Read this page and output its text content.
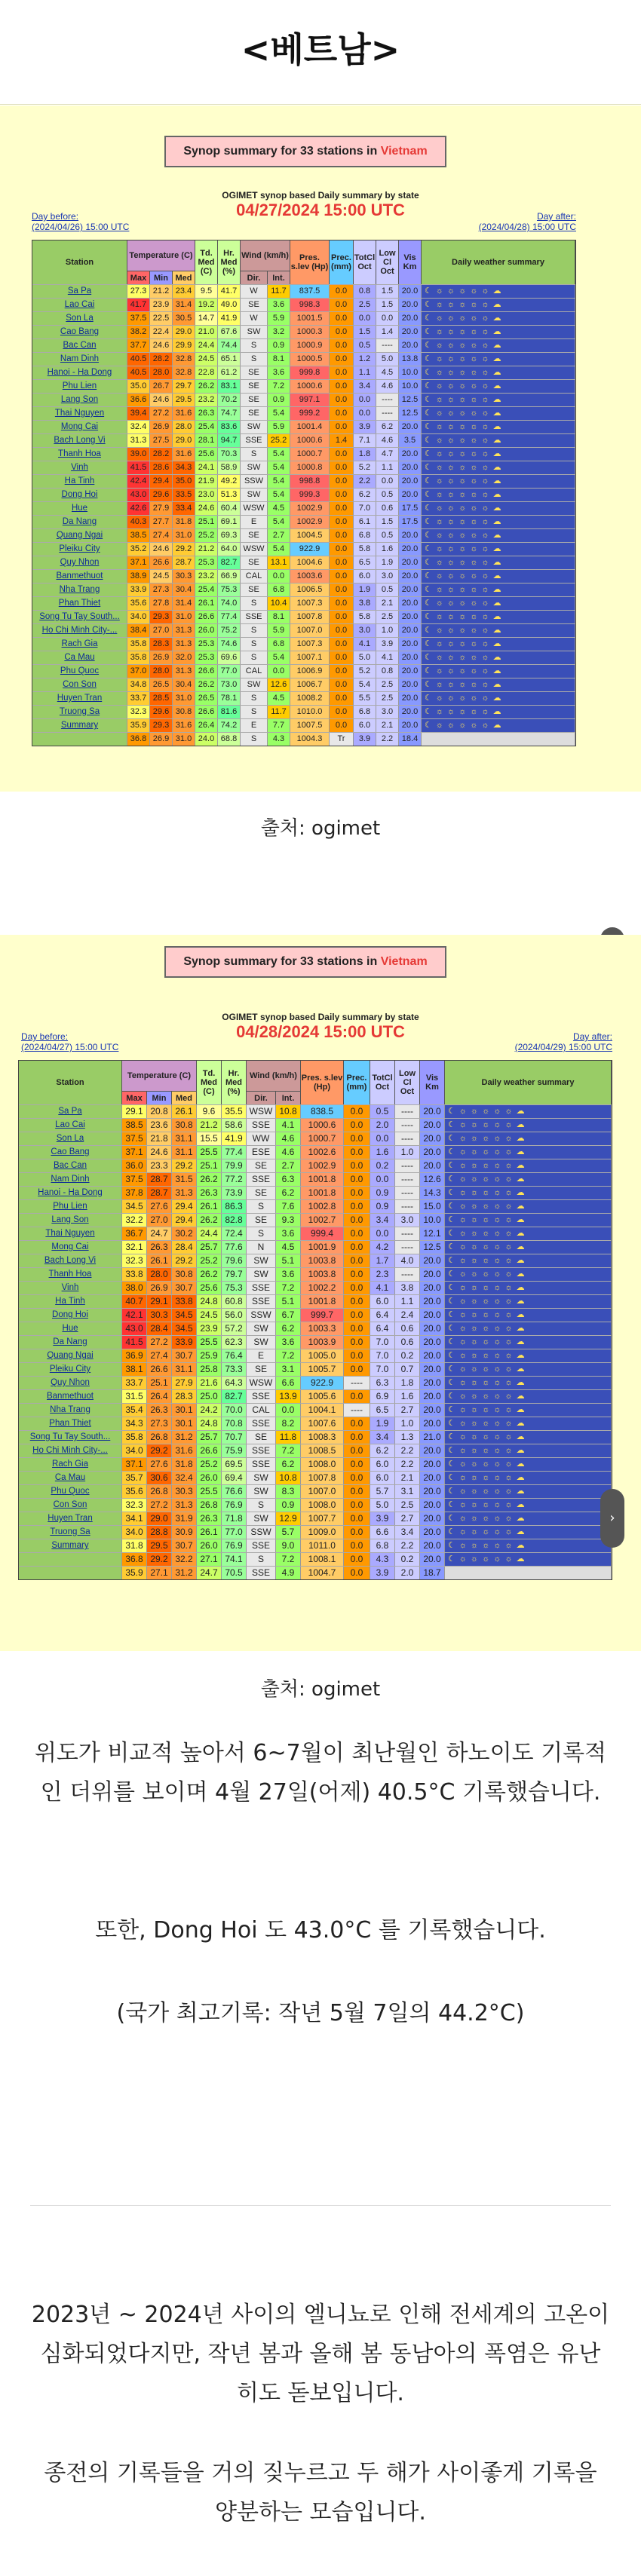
<베트남>
Synop summary for 33 stations in Vietnam
OGIMET synop based Daily summary by state
04/27/2024 15:00 UTC
Day before:
(2024/04/26) 15:00 UTC
Day after:
(2024/04/28) 15:00 UTC
Station
Temperature (C)
Max Min Med
Td. Med (C)
Hr. Med (%)
Wind (km/h)
Dir.	Int.
Pres. s.lev (Hp)
Prec. (mm)
TotCl Oct
Low Cl Oct
Vis Km	Daily weather summary
Sa Pa	27.3 21.2 23.4	9.5	41.7	W	11.7	837.5	0.0	0.8	1.5	20.0 ☾ ☼ ☼ ☼ ☼ ☼ ☁
Lao Cai	41.7 23.9 31.4 19.2 49.0	SE	3.6	998.3	0.0	2.5	1.5	20.0 ☾ ☼ ☼ ☼ ☼ ☼ ☁
Son La	37.5 22.5 30.5 14.7 41.9	W	5.9	1001.5	0.0	0.0	0.0	20.0 ☾ ☼ ☼ ☼ ☼ ☼ ☁
Cao Bang	38.2 22.4 29.0 21.0 67.6	SW	3.2	1000.3	0.0	1.5	1.4	20.0 ☾ ☼ ☼ ☼ ☼ ☼ ☁
Bac Can	37.7 24.6 29.9 24.4 74.4	S	0.9	1000.9	0.0	0.5	----	20.0 ☾ ☼ ☼ ☼ ☼ ☼ ☁
Nam Dinh	40.5 28.2 32.8 24.5 65.1	S	8.1	1000.5	0.0	1.2	5.0	13.8 ☾ ☼ ☼ ☼ ☼ ☼ ☁
Hanoi - Ha Dong	40.5 28.0 32.8 22.8 61.2	SE	3.6	999.8	0.0	1.1	4.5	10.0 ☾ ☼ ☼ ☼ ☼ ☼ ☁
Phu Lien	35.0 26.7 29.7 26.2 83.1	SE	7.2	1000.6	0.0	3.4	4.6	10.0 ☾ ☼ ☼ ☼ ☼ ☼ ☁
Lang Son	36.6 24.6 29.5 23.2 70.2	SE	0.9	997.1	0.0	0.0	----	12.5 ☾ ☼ ☼ ☼ ☼ ☼ ☁
Thai Nguyen	39.4 27.2 31.6 26.3 74.7	SE	5.4	999.2	0.0	0.0	----	12.5 ☾ ☼ ☼ ☼ ☼ ☼ ☁
Mong Cai	32.4 26.9 28.0 25.4 83.6	SW	5.9	1001.4	0.0	3.9	6.2	20.0 ☾ ☼ ☼ ☼ ☼ ☼ ☁
Bach Long Vi	31.3 27.5 29.0 28.1 94.7	SSE	25.2	1000.6	1.4	7.1	4.6	3.5	☾ ☼ ☼ ☼ ☼ ☼ ☁
Thanh Hoa	39.0 28.2 31.6 25.6 70.3	S	5.4	1000.7	0.0	1.8	4.7	20.0 ☾ ☼ ☼ ☼ ☼ ☼ ☁
Vinh	41.5 28.6 34.3 24.1 58.9	SW	5.4	1000.8	0.0	5.2	1.1	20.0 ☾ ☼ ☼ ☼ ☼ ☼ ☁
Ha Tinh	42.4 29.4 35.0 21.9 49.2 SSW	5.4	998.8	0.0	2.2	0.0	20.0 ☾ ☼ ☼ ☼ ☼ ☼ ☁
Dong Hoi	43.0 29.6 33.5 23.0 51.3	SW	5.4	999.3	0.0	6.2	0.5	20.0 ☾ ☼ ☼ ☼ ☼ ☼ ☁
Hue	42.6 27.9 33.4 24.6 60.4 WSW	4.5	1002.9	0.0	7.0	0.6	17.5 ☾ ☼ ☼ ☼ ☼ ☼ ☁
Da Nang	40.3 27.7 31.8 25.1 69.1	E	5.4	1002.9	0.0	6.1	1.5	17.5 ☾ ☼ ☼ ☼ ☼ ☼ ☁
Quang Ngai	38.5 27.4 31.0 25.2 69.3	SE	2.7	1004.5	0.0	6.8	0.5	20.0 ☾ ☼ ☼ ☼ ☼ ☼ ☁
Pleiku City	35.2 24.6 29.2 21.2 64.0 WSW	5.4	922.9	0.0	5.8	1.6	20.0 ☾ ☼ ☼ ☼ ☼ ☼ ☁
Quy Nhon	37.1 26.6 28.7 25.3 82.7	SE	13.1	1004.6	0.0	6.5	1.9	20.0 ☾ ☼ ☼ ☼ ☼ ☼ ☁
Banmethuot	38.9 24.5 30.3 23.2 66.9	CAL	0.0	1003.6	0.0	6.0	3.0	20.0 ☾ ☼ ☼ ☼ ☼ ☼ ☁
Nha Trang	33.9 27.3 30.4 25.4 75.3	SE	6.8	1006.5	0.0	1.9	0.5	20.0 ☾ ☼ ☼ ☼ ☼ ☼ ☁
Phan Thiet	35.6 27.8 31.4 26.1 74.0	S	10.4	1007.3	0.0	3.8	2.1	20.0 ☾ ☼ ☼ ☼ ☼ ☼ ☁
Song Tu Tay South...	34.0 29.3 31.0 26.6 77.4	SSE	8.1	1007.8	0.0	5.8	2.5	20.0 ☾ ☼ ☼ ☼ ☼ ☼ ☁
Ho Chi Minh City-...	38.4 27.0 31.3 26.0 75.2	S	5.9	1007.0	0.0	3.0	1.0	20.0 ☾ ☼ ☼ ☼ ☼ ☼ ☁
Rach Gia	35.8 28.3 31.3 25.3 74.6	S	6.8	1007.3	0.0	4.1	3.9	20.0 ☾ ☼ ☼ ☼ ☼ ☼ ☁
Ca Mau	35.8 26.9 32.0 25.3 69.6	S	5.4	1007.1	0.0	5.0	4.1	20.0 ☾ ☼ ☼ ☼ ☼ ☼ ☁
Phu Quoc	37.0 28.0 31.3 26.6 77.0	CAL	0.0	1006.9	0.0	5.2	0.8	20.0 ☾ ☼ ☼ ☼ ☼ ☼ ☁
Con Son	34.8 26.5 30.4 26.2 73.0	SW	12.6	1006.7	0.0	5.4	2.5	20.0 ☾ ☼ ☼ ☼ ☼ ☼ ☁
Huyen Tran	33.7 28.5 31.0 26.5 78.1	S	4.5	1008.2	0.0	5.5	2.5	20.0 ☾ ☼ ☼ ☼ ☼ ☼ ☁
Truong Sa	32.3 29.6 30.8 26.6 81.6	S	11.7	1010.0	0.0	6.8	3.0	20.0 ☾ ☼ ☼ ☼ ☼ ☼ ☁
Summary	35.9 29.3 31.6 26.4 74.2	E	7.7	1007.5	0.0	6.0	2.1	20.0 ☾ ☼ ☼ ☼ ☼ ☼ ☁
36.8 26.9 31.0 24.0 68.8	S	4.3	1004.3	Tr	3.9	2.2	18.4
출처: ogimet
Synop summary for 33 stations in Vietnam
OGIMET synop based Daily summary by state
04/28/2024 15:00 UTC
Day before:
(2024/04/27) 15:00 UTC
Day after:
(2024/04/29) 15:00 UTC
Station
Temperature (C)
Max	Min	Med
Td. Med (C)
Hr. Med (%)
Wind (km/h)
Dir.	Int.
Pres. s.lev (Hp)
Prec. (mm)
TotCl Oct
Low Cl Oct
Vis Km	Daily weather summary
Sa Pa	29.1 20.8 26.1	9.6	35.5 WSW 10.8	838.5	0.0	0.5	----	20.0 ☾ ☼ ☼ ☼ ☼ ☼ ☁
Lao Cai	38.5 23.6 30.8 21.2 58.6	SSE	4.1	1000.6	0.0	2.0	----	20.0 ☾ ☼ ☼ ☼ ☼ ☼ ☁
Son La	37.5 21.8 31.1 15.5 41.9	WW	4.6	1000.7	0.0	0.0	----	20.0 ☾ ☼ ☼ ☼ ☼ ☼ ☁
Cao Bang	37.1 24.6 31.1 25.5 77.4	ESE	4.6	1002.6	0.0	1.6	1.0	20.0 ☾ ☼ ☼ ☼ ☼ ☼ ☁
Bac Can	36.0 23.3 29.2 25.1 79.9	SE	2.7	1002.9	0.0	0.2	----	20.0 ☾ ☼ ☼ ☼ ☼ ☼ ☁
Nam Dinh	37.5 28.7 31.5 26.2 77.2	SSE	6.3	1001.8	0.0	0.0	----	12.6 ☾ ☼ ☼ ☼ ☼ ☼ ☁
Hanoi - Ha Dong	37.8 28.7 31.3 26.3 73.9	SE	6.2	1001.8	0.0	0.9	----	14.3 ☾ ☼ ☼ ☼ ☼ ☼ ☁
Phu Lien	34.5 27.6 29.4 26.1 86.3	S	7.6	1002.8	0.0	0.9	----	15.0 ☾ ☼ ☼ ☼ ☼ ☼ ☁
Lang Son	32.2 27.0 29.4 26.2 82.8	SE	9.3	1002.7	0.0	3.4	3.0	10.0 ☾ ☼ ☼ ☼ ☼ ☼ ☁
Thai Nguyen	36.7 24.7 30.2 24.4 72.4	S	3.6	999.4	0.0	0.0	----	12.1 ☾ ☼ ☼ ☼ ☼ ☼ ☁
Mong Cai	32.1 26.3 28.4 25.7 77.6	N	4.5	1001.9	0.0	4.2	----	12.5 ☾ ☼ ☼ ☼ ☼ ☼ ☁
Bach Long Vi	32.3 26.1 29.2 25.2 79.6	SW	5.1	1003.8	0.0	1.7	4.0	20.0 ☾ ☼ ☼ ☼ ☼ ☼ ☁
Thanh Hoa	33.8 28.0 30.8 26.2 79.7	SW	3.6	1003.8	0.0	2.3	----	20.0 ☾ ☼ ☼ ☼ ☼ ☼ ☁
Vinh	38.0 26.9 30.7 25.6 75.3	SSE	7.2	1002.2	0.0	4.1	3.8	20.0 ☾ ☼ ☼ ☼ ☼ ☼ ☁
Ha Tinh	40.7 29.1 33.8 24.8 60.8	SSE	5.1	1001.8	0.0	6.0	1.1	20.0 ☾ ☼ ☼ ☼ ☼ ☼ ☁
Dong Hoi	42.1 30.3 34.5 24.5 56.0 SSW	6.7	999.7	0.0	6.4	2.4	20.0 ☾ ☼ ☼ ☼ ☼ ☼ ☁
Hue	43.0 28.4 34.5 23.9 57.2	SW	6.2	1003.3	0.0	6.4	0.6	20.0 ☾ ☼ ☼ ☼ ☼ ☼ ☁
Da Nang	41.5 27.2 33.9 25.5 62.3	SW	3.6	1003.9	0.0	7.0	0.6	20.0 ☾ ☼ ☼ ☼ ☼ ☼ ☁
Quang Ngai	36.9 27.4 30.7 25.9 76.4	E	7.2	1005.0	0.0	7.0	0.2	20.0 ☾ ☼ ☼ ☼ ☼ ☼ ☁
Pleiku City	38.1 26.6 31.1 25.8 73.3	SE	3.1	1005.7	0.0	7.0	0.7	20.0 ☾ ☼ ☼ ☼ ☼ ☼ ☁
Quy Nhon	33.7 25.1 27.9 21.6 64.3 WSW	6.6	922.9	----	6.3	1.8	20.0 ☾ ☼ ☼ ☼ ☼ ☼ ☁
Banmethuot	31.5 26.4 28.3 25.0 82.7	SSE	13.9	1005.6	0.0	6.9	1.6	20.0 ☾ ☼ ☼ ☼ ☼ ☼ ☁
Nha Trang	35.4 26.3 30.1 24.2 70.0	CAL	0.0	1004.1	----	6.5	2.7	20.0 ☾ ☼ ☼ ☼ ☼ ☼ ☁
Phan Thiet	34.3 27.3 30.1 24.8 70.8	SSE	8.2	1007.6	0.0	1.9	1.0	20.0 ☾ ☼ ☼ ☼ ☼ ☼ ☁
Song Tu Tay South...	35.8 26.8 31.2 25.7 70.7	SE	11.8	1008.3	0.0	3.4	1.3	21.0 ☾ ☼ ☼ ☼ ☼ ☼ ☁
Ho Chi Minh City-...	34.0 29.2 31.6 26.6 75.9	SSE	7.2	1008.5	0.0	6.2	2.2	20.0 ☾ ☼ ☼ ☼ ☼ ☼ ☁
Rach Gia	37.1 27.6 31.8 25.2 69.5	SSE	6.2	1008.0	0.0	6.0	2.2	20.0 ☾ ☼ ☼ ☼ ☼ ☼ ☁
Ca Mau	35.7 30.6 32.4 26.0 69.4	SW	10.8	1007.8	0.0	6.0	2.1	20.0 ☾ ☼ ☼ ☼ ☼ ☼ ☁
Phu Quoc	35.6 26.8 30.3 25.5 76.6	SW	8.3	1007.0	0.0	5.7	3.1	20.0 ☾ ☼ ☼ ☼ ☼ ☼ ☁
Con Son	32.3 27.2 31.3 26.8 76.9	S	0.9	1008.0	0.0	5.0	2.5	20.0 ☾ ☼ ☼ ☼ ☼ ☼ ☁
Huyen Tran	34.1 29.0 31.9 26.3 71.8	SW	12.9	1007.7	0.0	3.9	2.7	20.0 ☾ ☼ ☼ ☼ ☼ ☼ ☁
Truong Sa	34.0 28.8 30.9 26.1 77.0 SSW	5.7	1009.0	0.0	6.6	3.4	20.0 ☾ ☼ ☼ ☼ ☼ ☼ ☁
Summary	31.8 29.5 30.7 26.0 76.9	SSE	9.0	1011.0	0.0	6.8	2.2	20.0 ☾ ☼ ☼ ☼ ☼ ☼ ☁
36.8 29.2 32.2 27.1 74.1	S	7.2	1008.1	0.0	4.3	0.2	20.0 ☾ ☼ ☼ ☼ ☼ ☼ ☁
35.9 27.1 31.2 24.7 70.5	SSE	4.9	1004.7	0.0	3.9	2.0	18.7
›
출처: ogimet
위도가 비교적 높아서 6~7월이 최난월인 하노이도 기록적인 더위를 보이며 4월 27일(어제) 40.5°C 기록했습니다.
또한, Dong Hoi 도 43.0°C 를 기록했습니다.
(국가 최고기록: 작년 5월 7일의 44.2°C)
2023년 ~ 2024년 사이의 엘니뇨로 인해 전세계의 고온이 심화되었다지만, 작년 봄과 올해 봄 동남아의 폭염은 유난히도 돋보입니다.
종전의 기록들을 거의 짖누르고 두 해가 사이좋게 기록을 양분하는 모습입니다.
